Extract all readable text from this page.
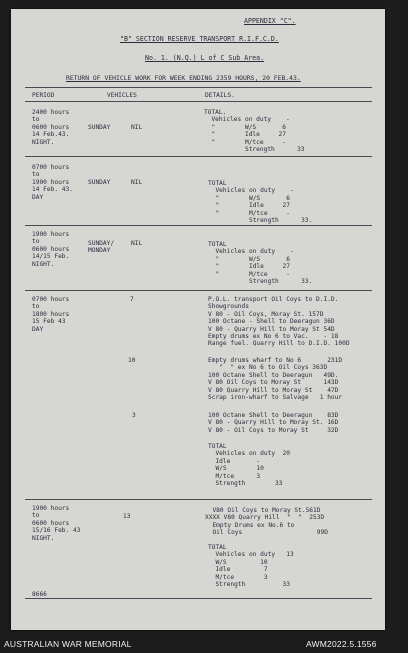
APPENDIX "C".
"B" SECTION RESERVE TRANSPORT R.I.F.C.D.
No. 1. (N.Q.) L of C Sub Area.
RETURN OF VEHICLE WORK FOR WEEK ENDING 2359 HOURS, 20 FEB.43.
PERIOD	VEHICLES	DETAILS.
2400 hours
to
0600 hours
14 Feb.43.
NIGHT.
SUNDAY	NIL
TOTAL.
Vehicles on duty    -
"        W/S       6
"        Idle     27
"        M/tce     -
Strength      33
0700 hours
to
1900 hours
14 Feb. 43.
DAY
SUNDAY	NIL	TOTAL
Vehicles on duty    -
"        W/S       6
"        Idle     27
"        M/tce     -
Strength      33.
1900 hours
to
0600 hours
14/15 Feb.
NIGHT.
SUNDAY/
MONDAY
NIL	TOTAL
Vehicles on duty    -
"        W/S       6
"        Idle     27
"        M/tce     -
Strength      33.
0700 hours
to
1800 hours
15 Feb 43
DAY
7	P.O.L. transport Oil Coys to D.I.D.
Showgrounds
V 80 - Oil Coys, Moray St. 157D
100 Octane - Shell to Deeragun 36D
V 80 - Quarry Hill to Moray St 54D
Empty drums ex No 6 to Vac.    - 18
Range fuel. Quarry Hill to D.I.D. 100D
10	Empty drums wharf to No 6       231D
"  " ex No 6 to Oil Coys 363D
100 Octane Shell to Deeragun   49D.
V 80 Oil Coys to Moray St      143D
V 80 Quarry Hill to Moray St    47D
Scrap iron-wharf to Salvage   1 hour
3	100 Octane Shell to Deeragun    83D
V 80 - Quarry Hill to Moray St. 16D
V 80 - Oil Coys to Moray St     32D
TOTAL
Vehicles on duty  20
Idle       -
W/S        10
M/tce      3
Strength        33
1900 hours
to
0600 hours
15/16 Feb. 43
NIGHT.
13
V80 Oil Coys to Moray St.561D
XXXX V80 Quarry Hill  "  "  253D
Empty Drums ex No.6 to
Oil Coys                    99D
TOTAL
Vehicles on duty   13
W/S         10
Idle         7
M/tce        3
Strength          33
8666
AUSTRALIAN WAR MEMORIAL	AWM2022.5.1556
